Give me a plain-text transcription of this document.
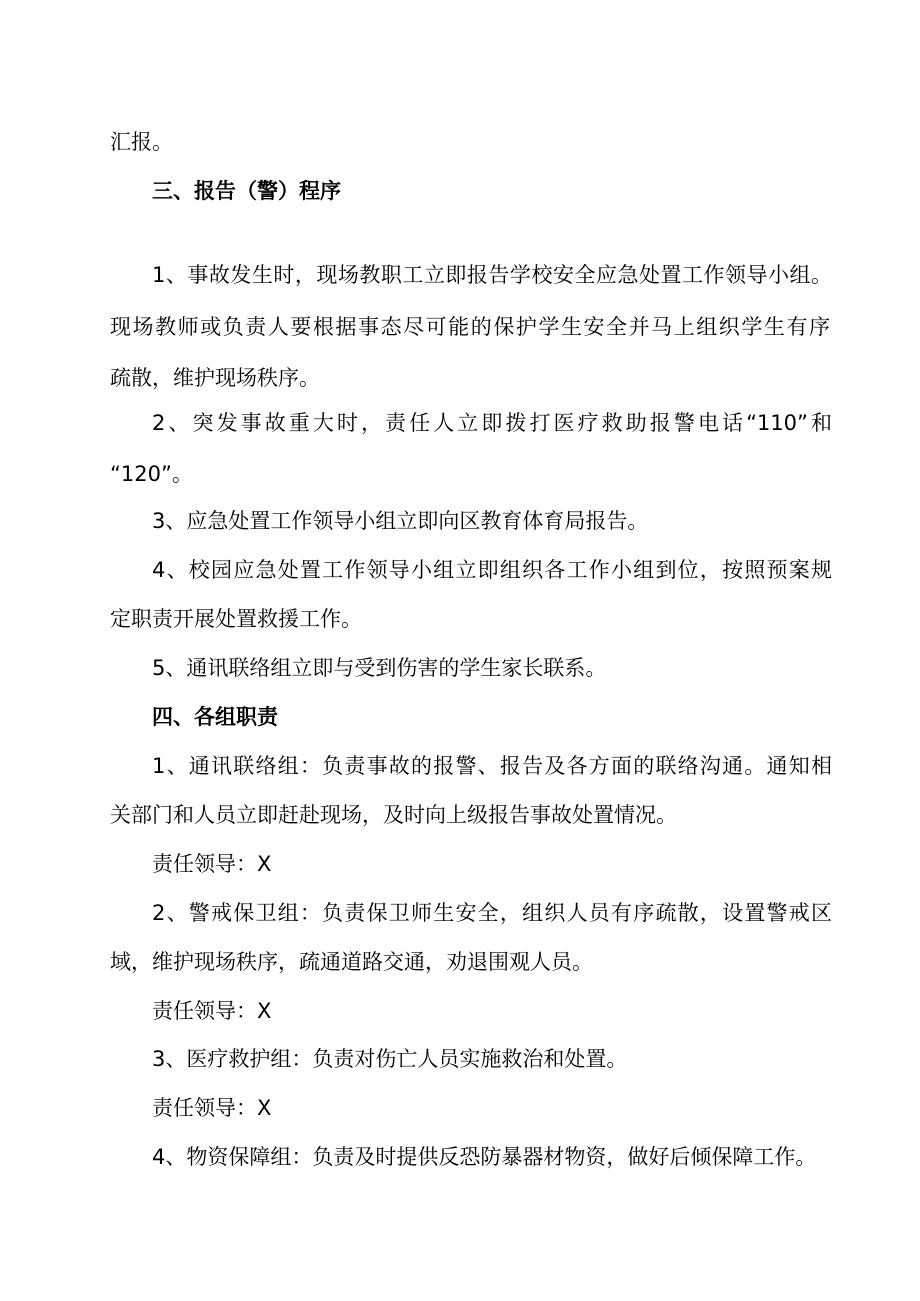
汇报。
三、报告（警）程序
1、事故发生时，现场教职工立即报告学校安全应急处置工作领导小组。
现场教师或负责人要根据事态尽可能的保护学生安全并马上组织学生有序
疏散，维护现场秩序。
2、突发事故重大时，责任人立即拨打医疗救助报警电话“110”和
“120”。
3、应急处置工作领导小组立即向区教育体育局报告。
4、校园应急处置工作领导小组立即组织各工作小组到位，按照预案规
定职责开展处置救援工作。
5、通讯联络组立即与受到伤害的学生家长联系。
四、各组职责
1、通讯联络组：负责事故的报警、报告及各方面的联络沟通。通知相
关部门和人员立即赶赴现场，及时向上级报告事故处置情况。
责任领导：X
2、警戒保卫组：负责保卫师生安全，组织人员有序疏散，设置警戒区
域，维护现场秩序，疏通道路交通，劝退围观人员。
责任领导：X
3、医疗救护组：负责对伤亡人员实施救治和处置。
责任领导：X
4、物资保障组：负责及时提供反恐防暴器材物资，做好后倾保障工作。
